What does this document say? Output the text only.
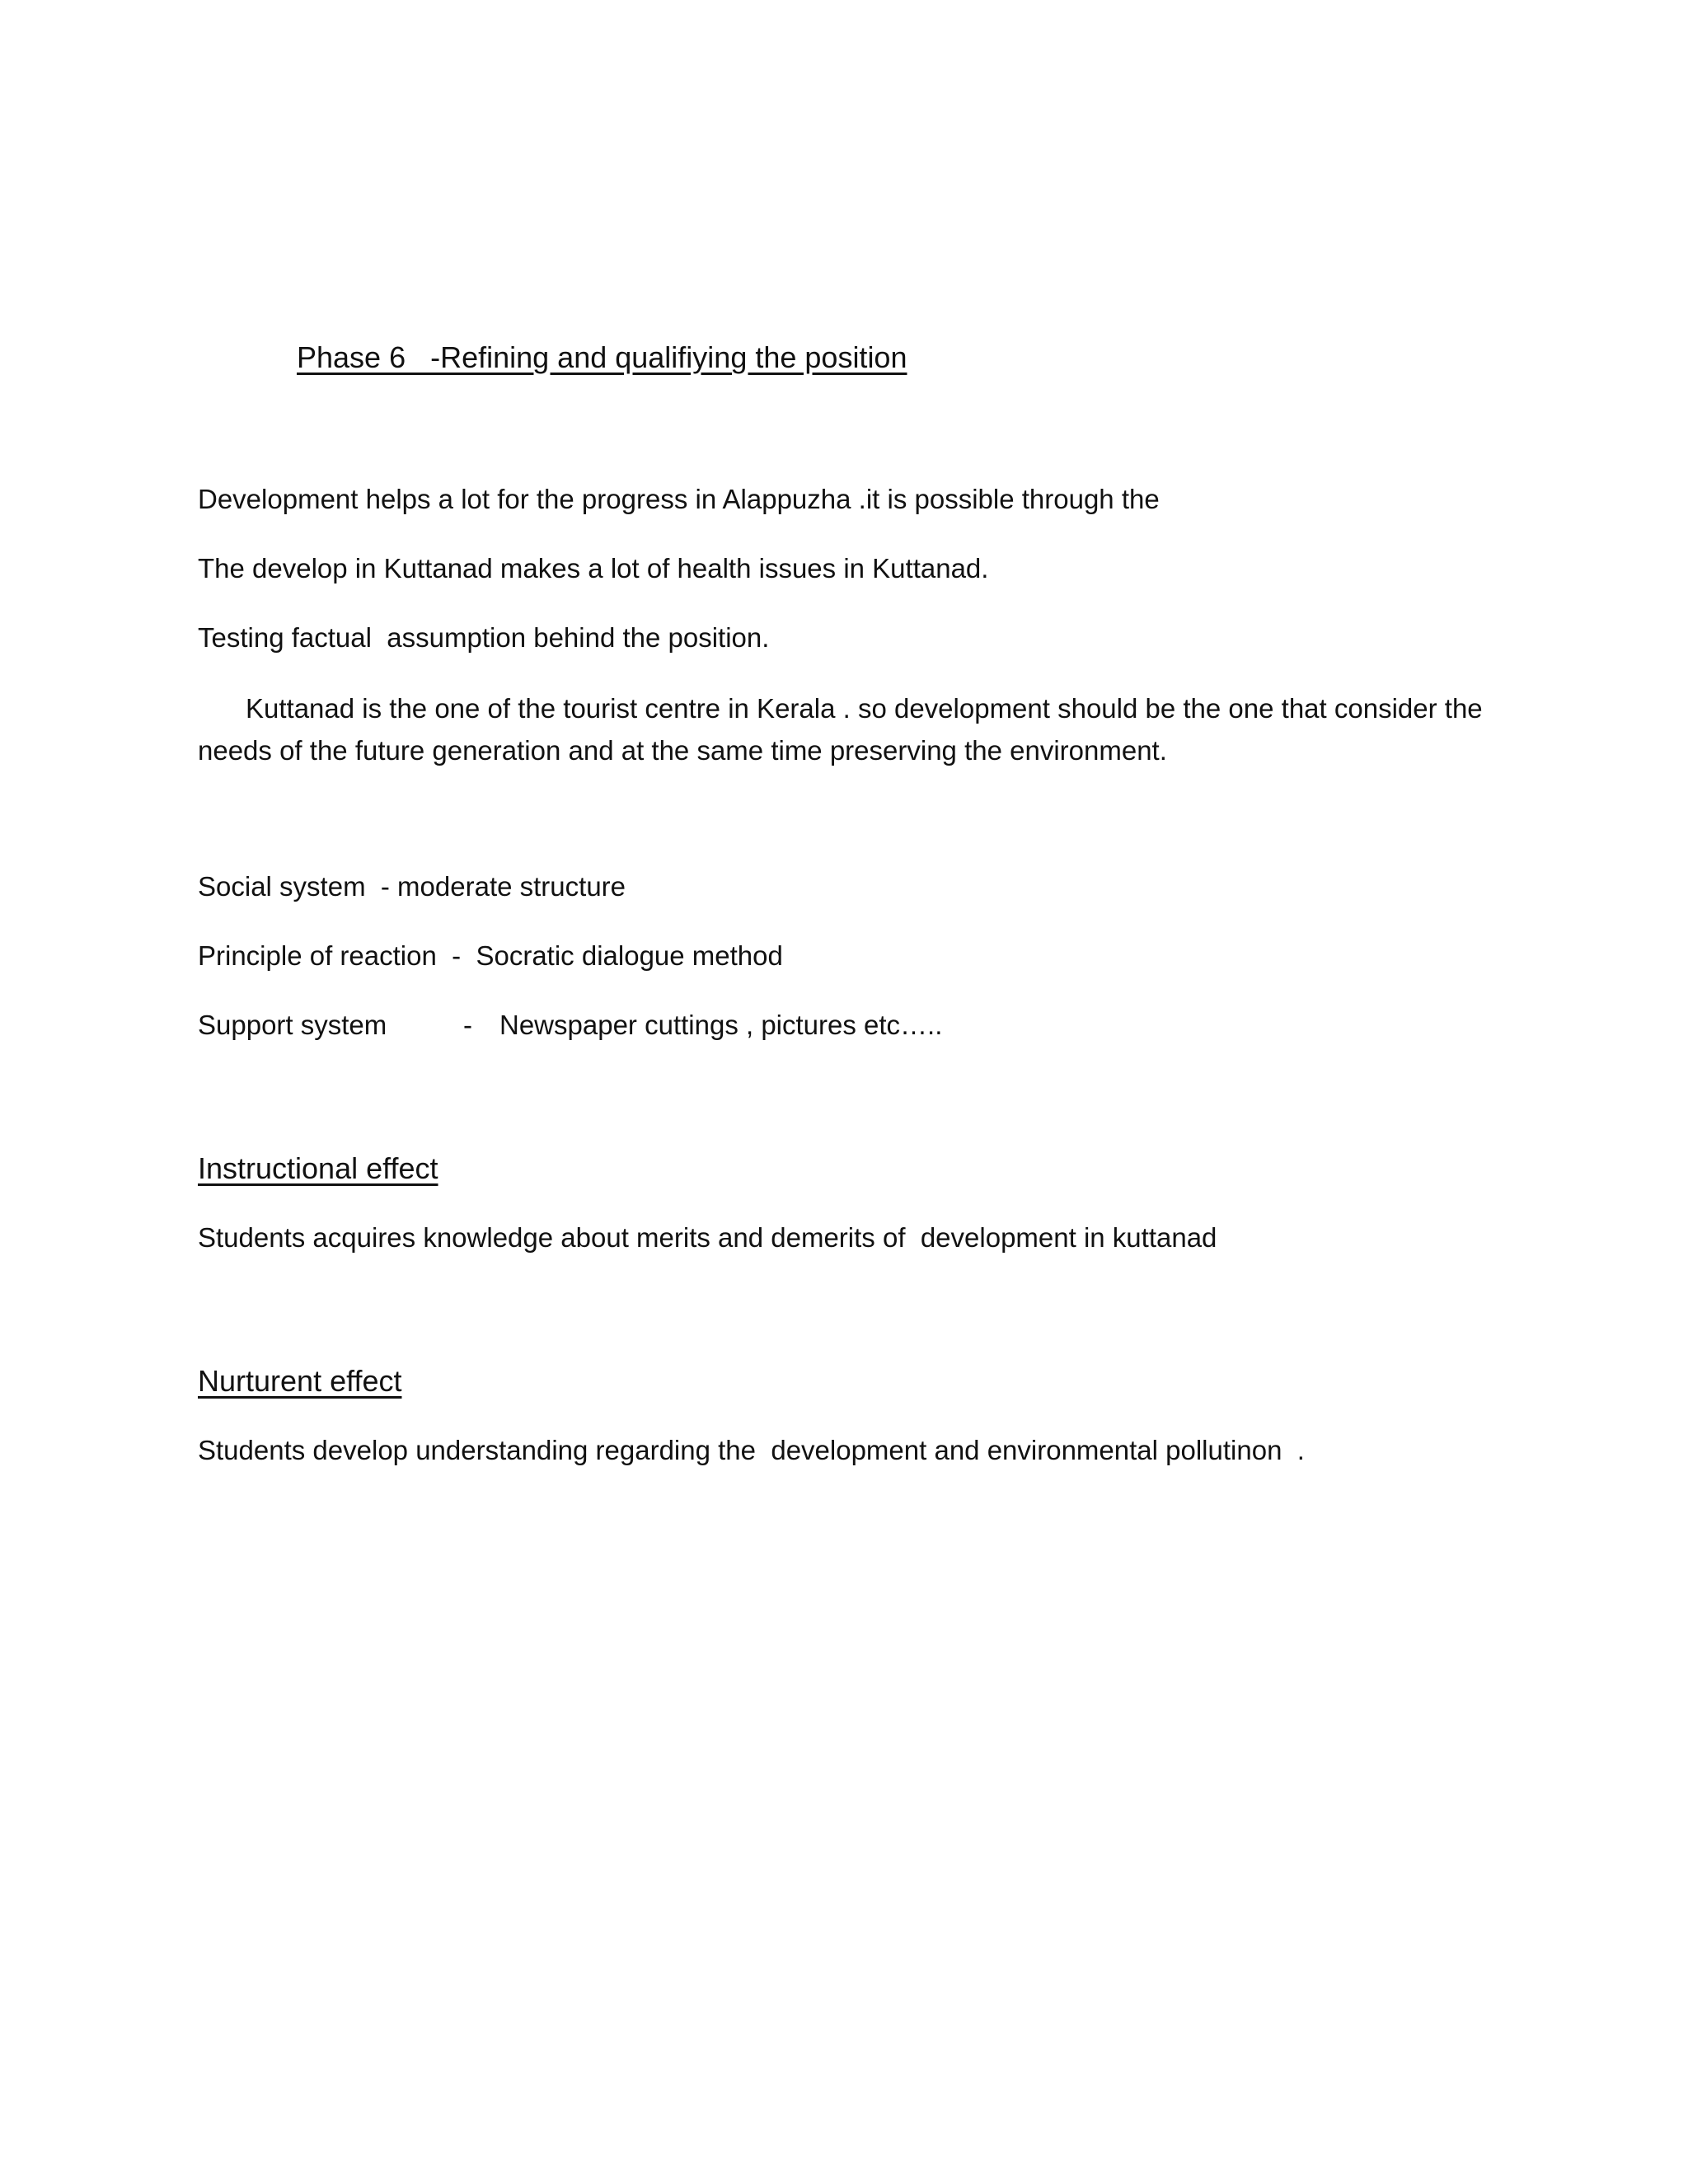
Phase 6   -Refining and qualifiying the position

Development helps a lot for the progress in Alappuzha .it is possible through the

The develop in Kuttanad makes a lot of health issues in Kuttanad.

Testing factual  assumption behind the position.

Kuttanad is the one of the tourist centre in Kerala . so development should be the one that consider the needs of the future generation and at the same time preserving the environment.

Social system  - moderate structure

Principle of reaction  -  Socratic dialogue method

Support system	- Newspaper cuttings , pictures etc…..

Instructional effect

Students acquires knowledge about merits and demerits of  development in kuttanad

Nurturent effect

Students develop understanding regarding the  development and environmental pollutinon  .
